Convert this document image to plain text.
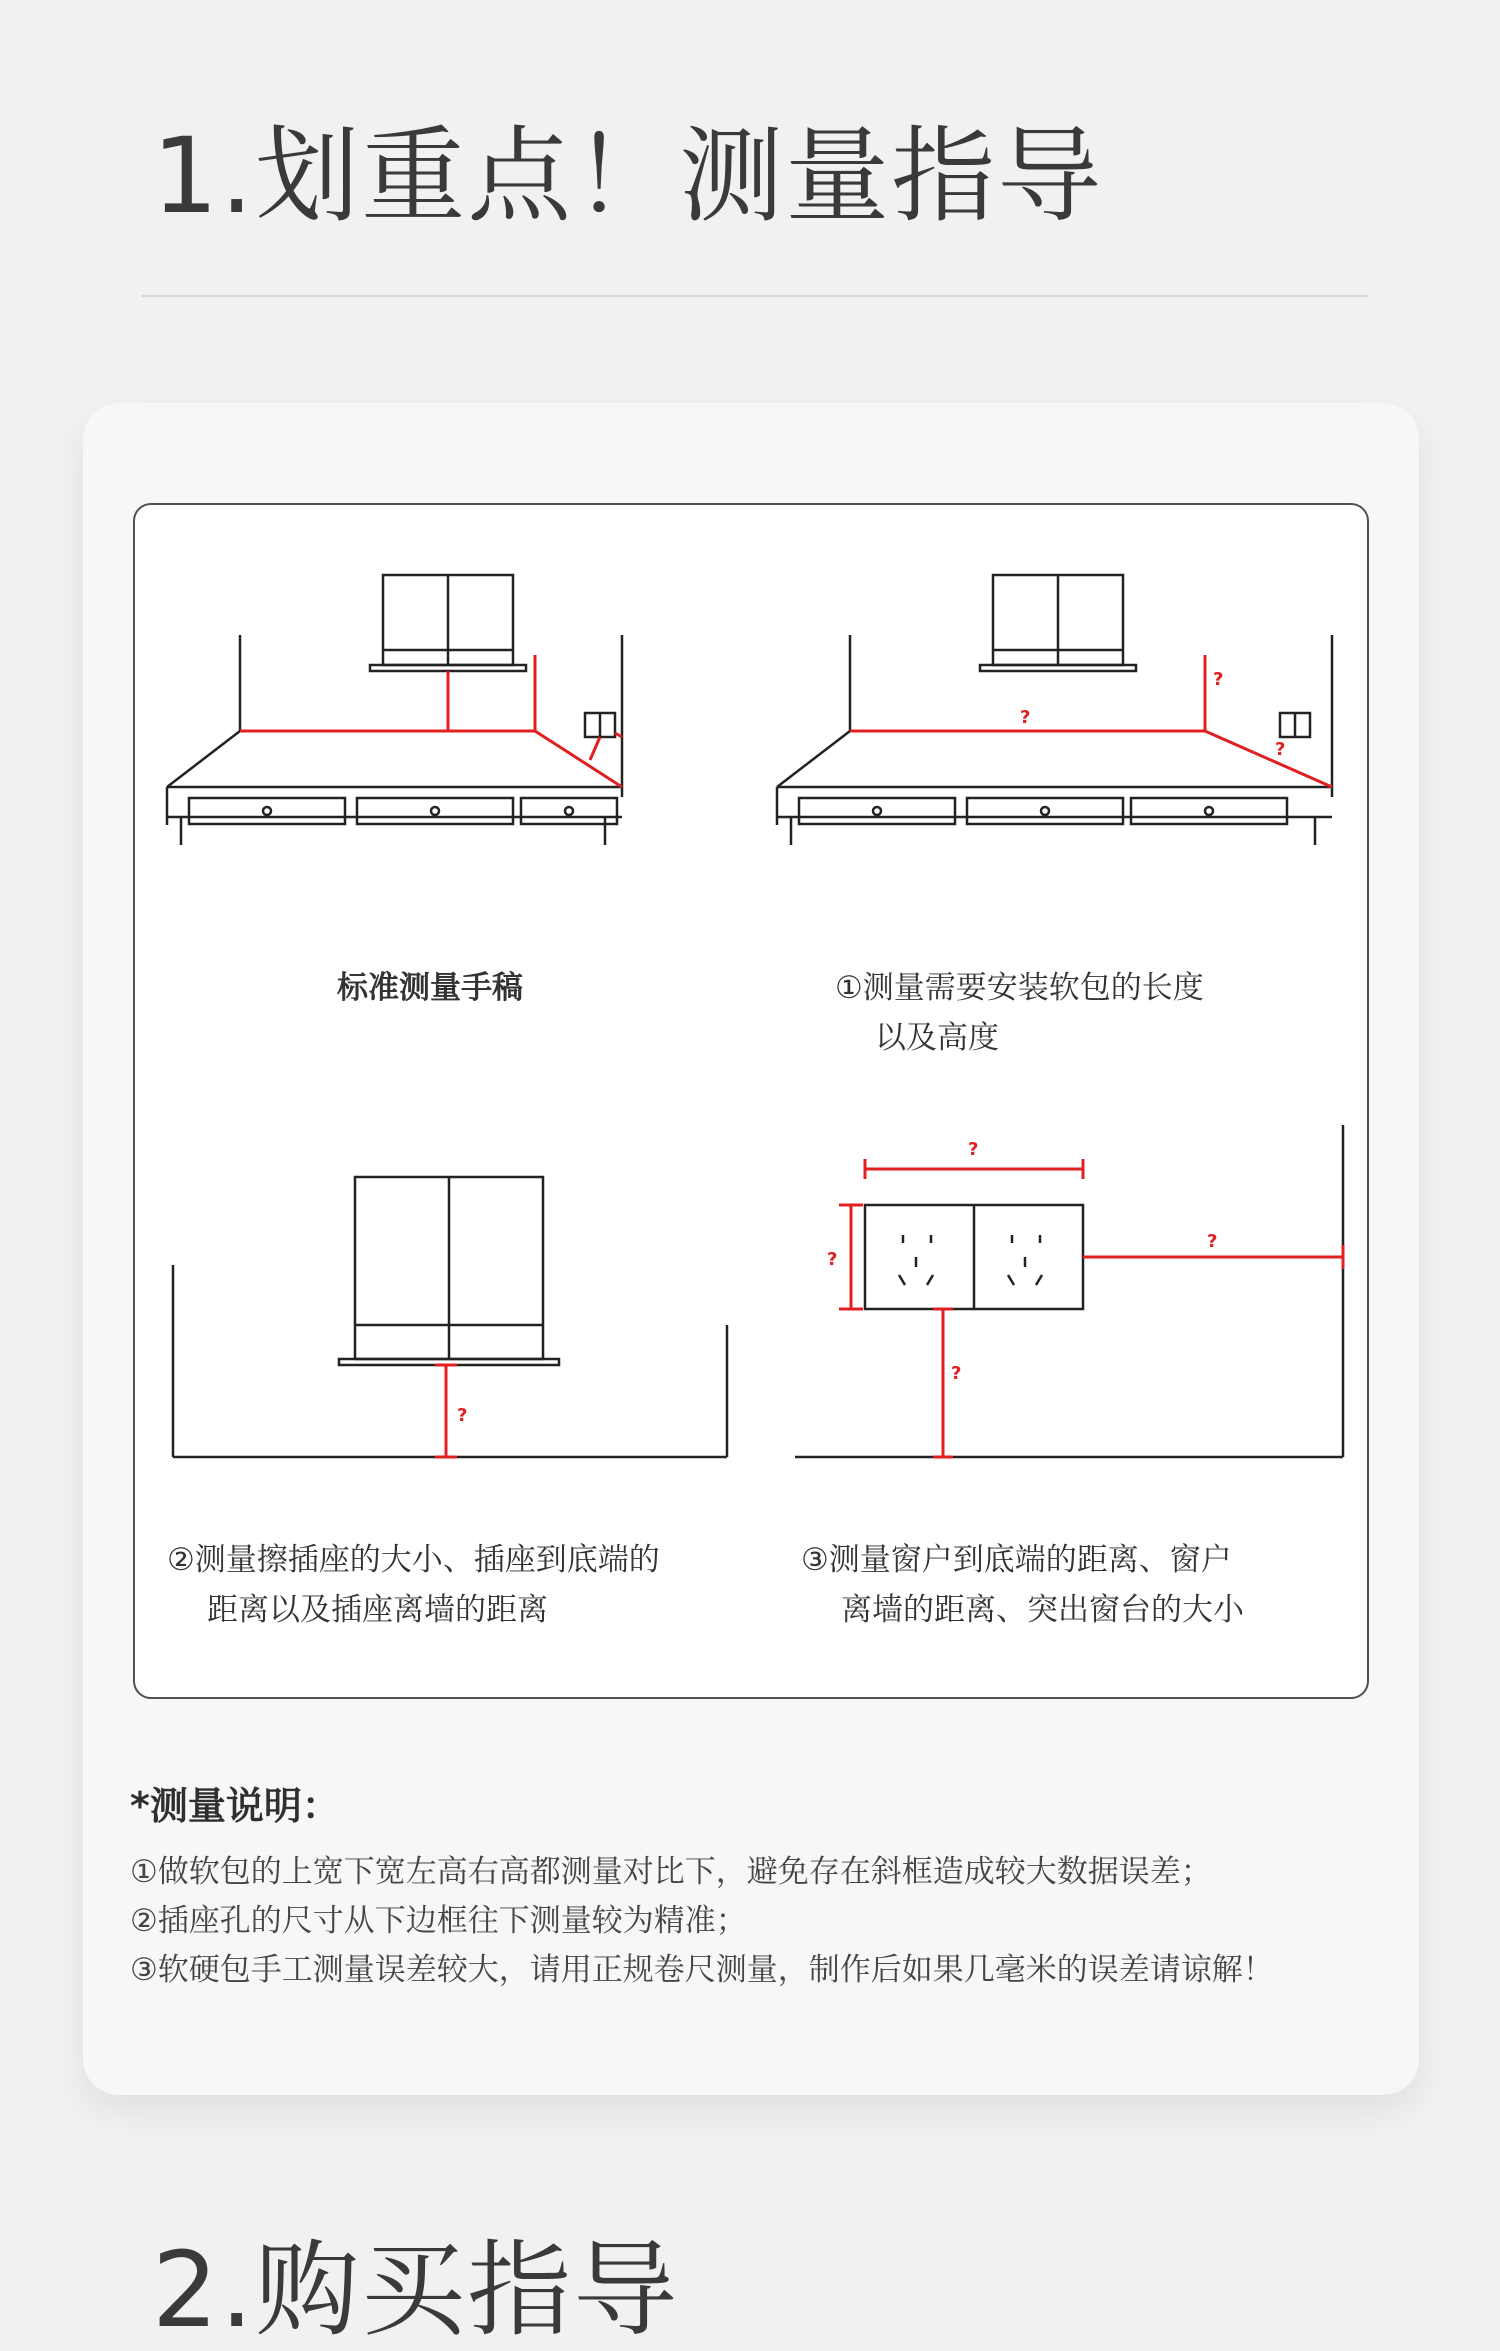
1.划重点！测量指导

标准测量手稿

?
?
?

①测量需要安装软包的长度

以及高度

?

②测量擦插座的大小、插座到底端的

距离以及插座离墙的距离

?
?
?
?

③测量窗户到底端的距离、窗户

离墙的距离、突出窗台的大小

*测量说明：

①做软包的上宽下宽左高右高都测量对比下，避免存在斜框造成较大数据误差；

②插座孔的尺寸从下边框往下测量较为精准；

③软硬包手工测量误差较大，请用正规卷尺测量，制作后如果几毫米的误差请谅解！

2.购买指导
